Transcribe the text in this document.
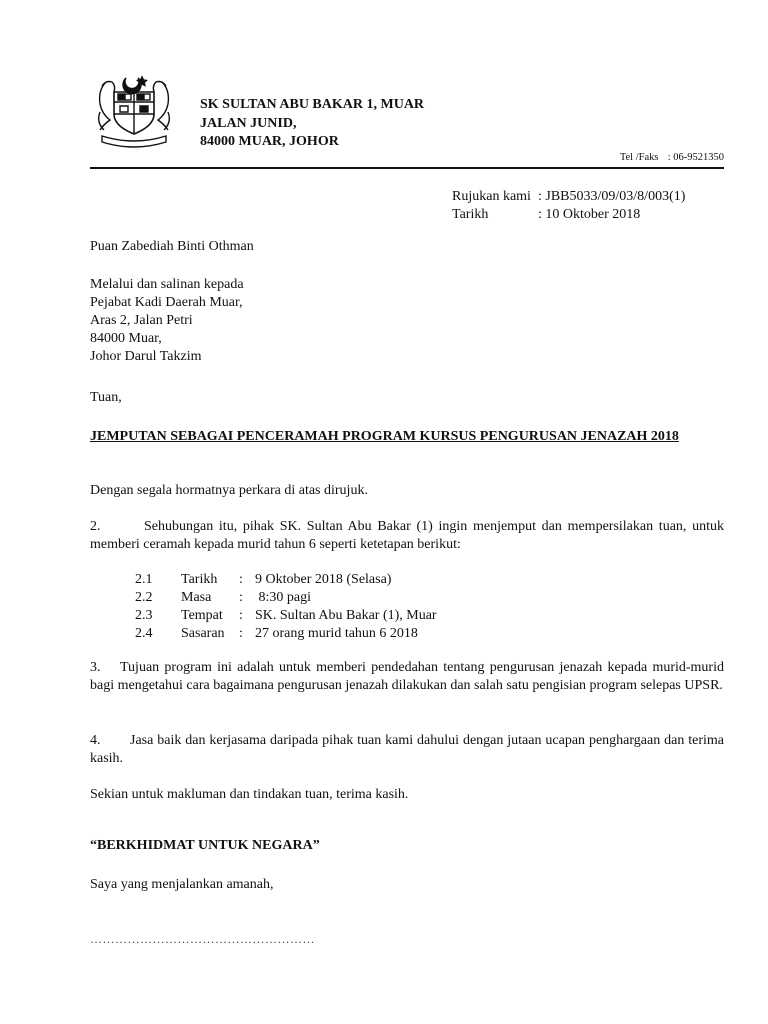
SK SULTAN ABU BAKAR 1, MUAR
JALAN JUNID,
84000 MUAR, JOHOR
Tel /Faks : 06-9521350
Rujukan kami : JBB5033/09/03/8/003(1)
Tarikh	: 10 Oktober 2018
Puan Zabediah Binti Othman
Melalui dan salinan kepada
Pejabat Kadi Daerah Muar,
Aras 2, Jalan Petri
84000 Muar,
Johor Darul Takzim
Tuan,
JEMPUTAN SEBAGAI PENCERAMAH PROGRAM KURSUS PENGURUSAN JENAZAH 2018
Dengan segala hormatnya perkara di atas dirujuk.
2.	Sehubungan itu, pihak SK. Sultan Abu Bakar (1) ingin menjemput dan mempersilakan tuan, untuk memberi ceramah kepada murid tahun 6 seperti ketetapan berikut:
2.1	Tarikh	: 9 Oktober 2018 (Selasa)
2.2	Masa	: 8:30 pagi
2.3	Tempat	: SK. Sultan Abu Bakar (1), Muar
2.4	Sasaran	: 27 orang murid tahun 6 2018
3. Tujuan program ini adalah untuk memberi pendedahan tentang pengurusan jenazah kepada murid-murid bagi mengetahui cara bagaimana pengurusan jenazah dilakukan dan salah satu pengisian program selepas UPSR.
4. Jasa baik dan kerjasama daripada pihak tuan kami dahului dengan jutaan ucapan penghargaan dan terima kasih.
Sekian untuk makluman dan tindakan tuan, terima kasih.
“BERKHIDMAT UNTUK NEGARA”
Saya yang menjalankan amanah,
………………………………………………
